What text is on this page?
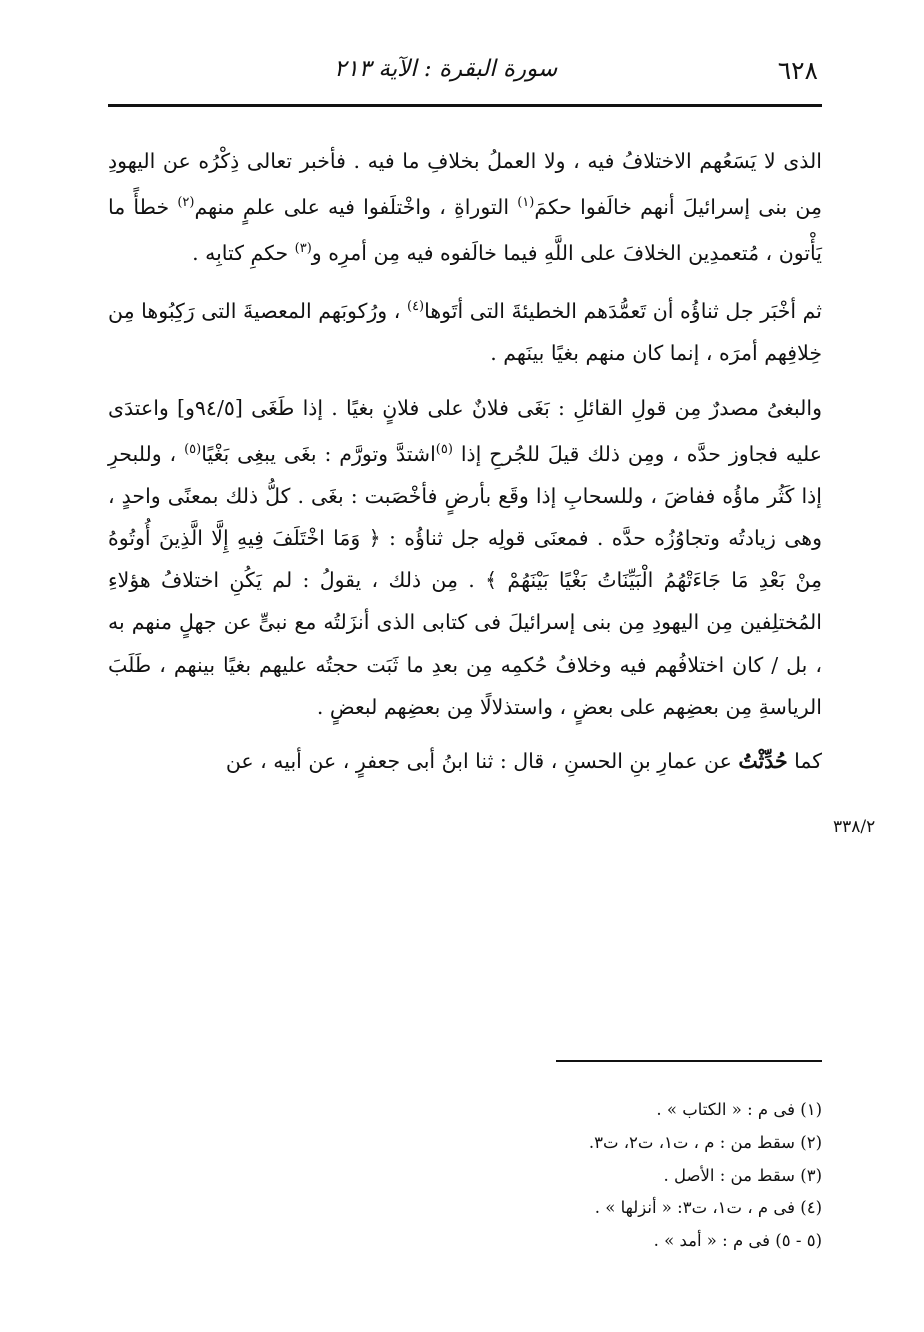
٦٢٨
سورة البقرة : الآية ٢١٣

الذى لا يَسَعُهم الاختلافُ فيه ، ولا العملُ بخلافِ ما فيه . فأخبر تعالى ذِكْرُه عن اليهودِ مِن بنى إسرائيلَ أنهم خالَفوا حكمَ$^{(١)}$ التوراةِ ، واخْتلَفوا فيه على علمٍ منهم$^{(٢)}$ خطأً ما يَأْتون ، مُتعمدِين الخلافَ على اللَّهِ فيما خالَفوه فيه مِن أمرِه و$^{(٣)}$ حكمِ كتابِه .

ثم أخْبَر جل ثناؤُه أن تَعمُّدَهم الخطيئةَ التى أتَوها$^{(٤)}$ ، ورُكوبَهم المعصيةَ التى رَكِبُوها مِن خِلافِهم أمرَه ، إنما كان منهم بغيًا بينَهم .

والبغىُ مصدرٌ مِن قولِ القائلِ : بَغَى فلانٌ على فلانٍ بغيًا . إذا طَغَى [٩٤/٥و] واعتدَى عليه فجاوز حدَّه ، ومِن ذلك قيلَ للجُرحِ إذا $^{(٥)}$اشتدَّ وتورَّم : بغَى يبغِى بَغْيًا$^{(٥)}$ ، وللبحرِ إذا كَثُر ماؤُه ففاضَ ، وللسحابِ إذا وقَع بأرضٍ فأخْصَبت : بغَى . كلُّ ذلك بمعنًى واحدٍ ، وهى زيادتُه وتجاوُزُه حدَّه . فمعنَى قولِه جل ثناؤُه : ﴿ وَمَا اخْتَلَفَ فِيهِ إِلَّا الَّذِينَ أُوتُوهُ مِنْ بَعْدِ مَا جَاءَتْهُمُ الْبَيِّنَاتُ بَغْيًا بَيْنَهُمْ ﴾ . مِن ذلك ، يقولُ : لم يَكُنِ اختلافُ هؤلاءِ المُختلِفين مِن اليهودِ مِن بنى إسرائيلَ فى كتابى الذى أنزَلتُه مع نبىٍّ عن جهلٍ منهم به ، بل / كان اختلافُهم فيه وخلافُ حُكمِه مِن بعدِ ما ثَبَت حجتُه عليهم بغيًا بينهم ، طَلَبَ الرياسةِ مِن بعضِهم على بعضٍ ، واستذلالًا مِن بعضِهم لبعضٍ .

كما حُدِّثْتُ عن عمارِ بنِ الحسنِ ، قال : ثنا ابنُ أبى جعفرٍ ، عن أبيه ، عن

٣٣٨/٢

(١) فى م : « الكتاب » .

(٢) سقط من : م ، ت١، ت٢، ت٣.

(٣) سقط من : الأصل .

(٤) فى م ، ت١، ت٣: « أنزلها » .

(٥ - ٥) فى م : « أمد » .
